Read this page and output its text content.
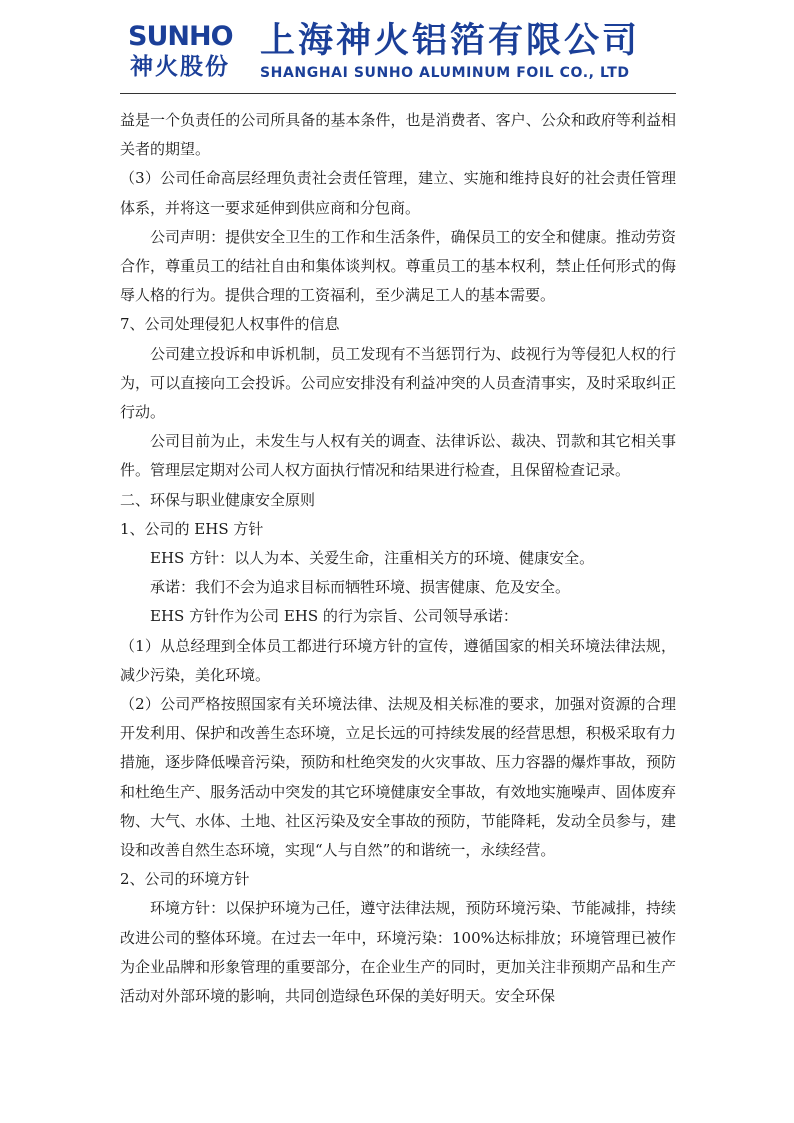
SUNHO
神火股份
上海神火铝箔有限公司
SHANGHAI SUNHO ALUMINUM FOIL CO., LTD

益是一个负责任的公司所具备的基本条件，也是消费者、客户、公众和政府等利益相关者的期望。

（3）公司任命高层经理负责社会责任管理，建立、实施和维持良好的社会责任管理体系，并将这一要求延伸到供应商和分包商。

公司声明：提供安全卫生的工作和生活条件，确保员工的安全和健康。推动劳资合作，尊重员工的结社自由和集体谈判权。尊重员工的基本权利，禁止任何形式的侮辱人格的行为。提供合理的工资福利，至少满足工人的基本需要。

7、公司处理侵犯人权事件的信息

公司建立投诉和申诉机制，员工发现有不当惩罚行为、歧视行为等侵犯人权的行为，可以直接向工会投诉。公司应安排没有利益冲突的人员查清事实，及时采取纠正行动。

公司目前为止，未发生与人权有关的调查、法律诉讼、裁决、罚款和其它相关事件。管理层定期对公司人权方面执行情况和结果进行检查，且保留检查记录。

二、环保与职业健康安全原则

1、公司的 EHS 方针

EHS 方针：以人为本、关爱生命，注重相关方的环境、健康安全。

承诺：我们不会为追求目标而牺牲环境、损害健康、危及安全。

EHS 方针作为公司 EHS 的行为宗旨、公司领导承诺：

（1）从总经理到全体员工都进行环境方针的宣传，遵循国家的相关环境法律法规，减少污染，美化环境。

（2）公司严格按照国家有关环境法律、法规及相关标准的要求，加强对资源的合理开发利用、保护和改善生态环境，立足长远的可持续发展的经营思想，积极采取有力措施，逐步降低噪音污染，预防和杜绝突发的火灾事故、压力容器的爆炸事故，预防和杜绝生产、服务活动中突发的其它环境健康安全事故，有效地实施噪声、固体废弃物、大气、水体、土地、社区污染及安全事故的预防，节能降耗，发动全员参与，建设和改善自然生态环境，实现“人与自然”的和谐统一，永续经营。

2、公司的环境方针

环境方针：以保护环境为己任，遵守法律法规，预防环境污染、节能减排，持续改进公司的整体环境。在过去一年中，环境污染：100%达标排放；环境管理已被作为企业品牌和形象管理的重要部分，在企业生产的同时，更加关注非预期产品和生产活动对外部环境的影响，共同创造绿色环保的美好明天。安全环保
